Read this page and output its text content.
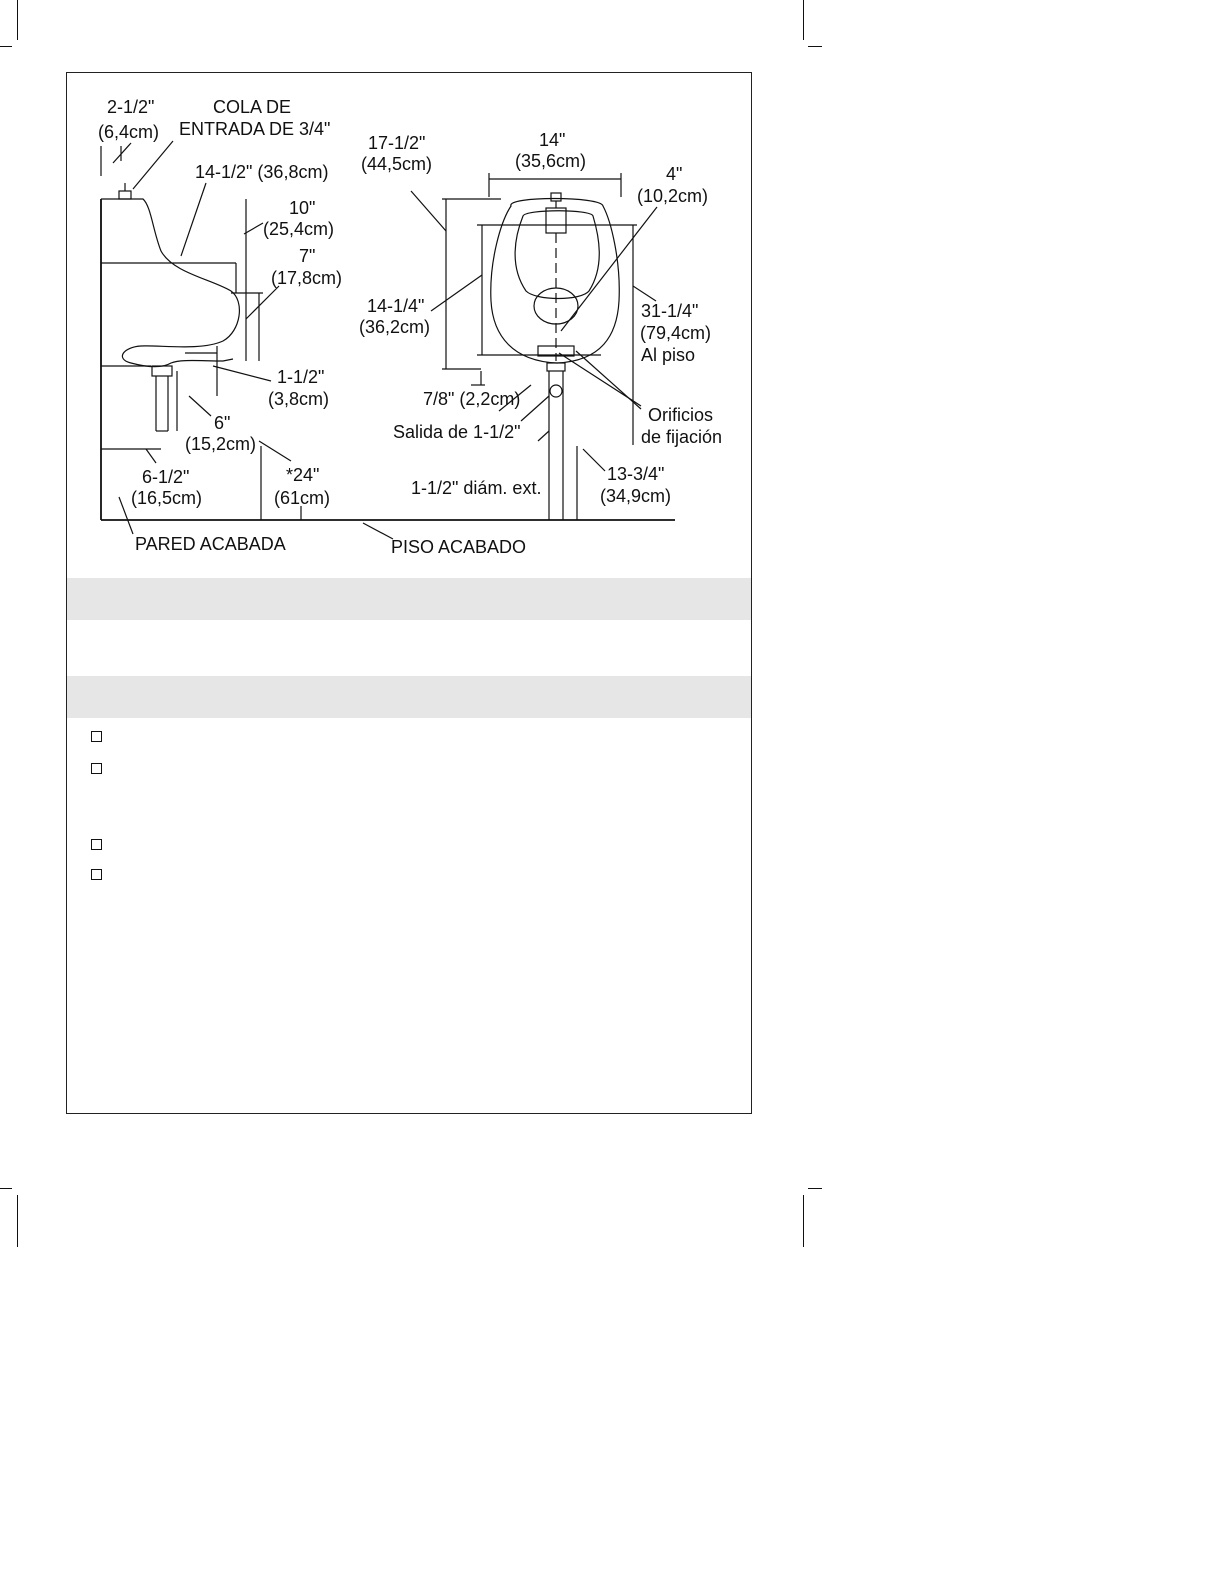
2-1/2"
(6,4cm)
COLA DE
ENTRADA DE 3/4"
14-1/2" (36,8cm)
10"
(25,4cm)
7"
(17,8cm)
1-1/2"
(3,8cm)
6"
(15,2cm)
6-1/2"
(16,5cm)
*24"
(61cm)
PARED ACABADA	PISO ACABADO
17-1/2"
(44,5cm)
14"
(35,6cm)
4"
(10,2cm)
14-1/4"
(36,2cm)
31-1/4"
(79,4cm)
Al piso
7/8" (2,2cm)
Orificios
de fijación
Salida de 1-1/2"
1-1/2" diám. ext.
13-3/4"
(34,9cm)
